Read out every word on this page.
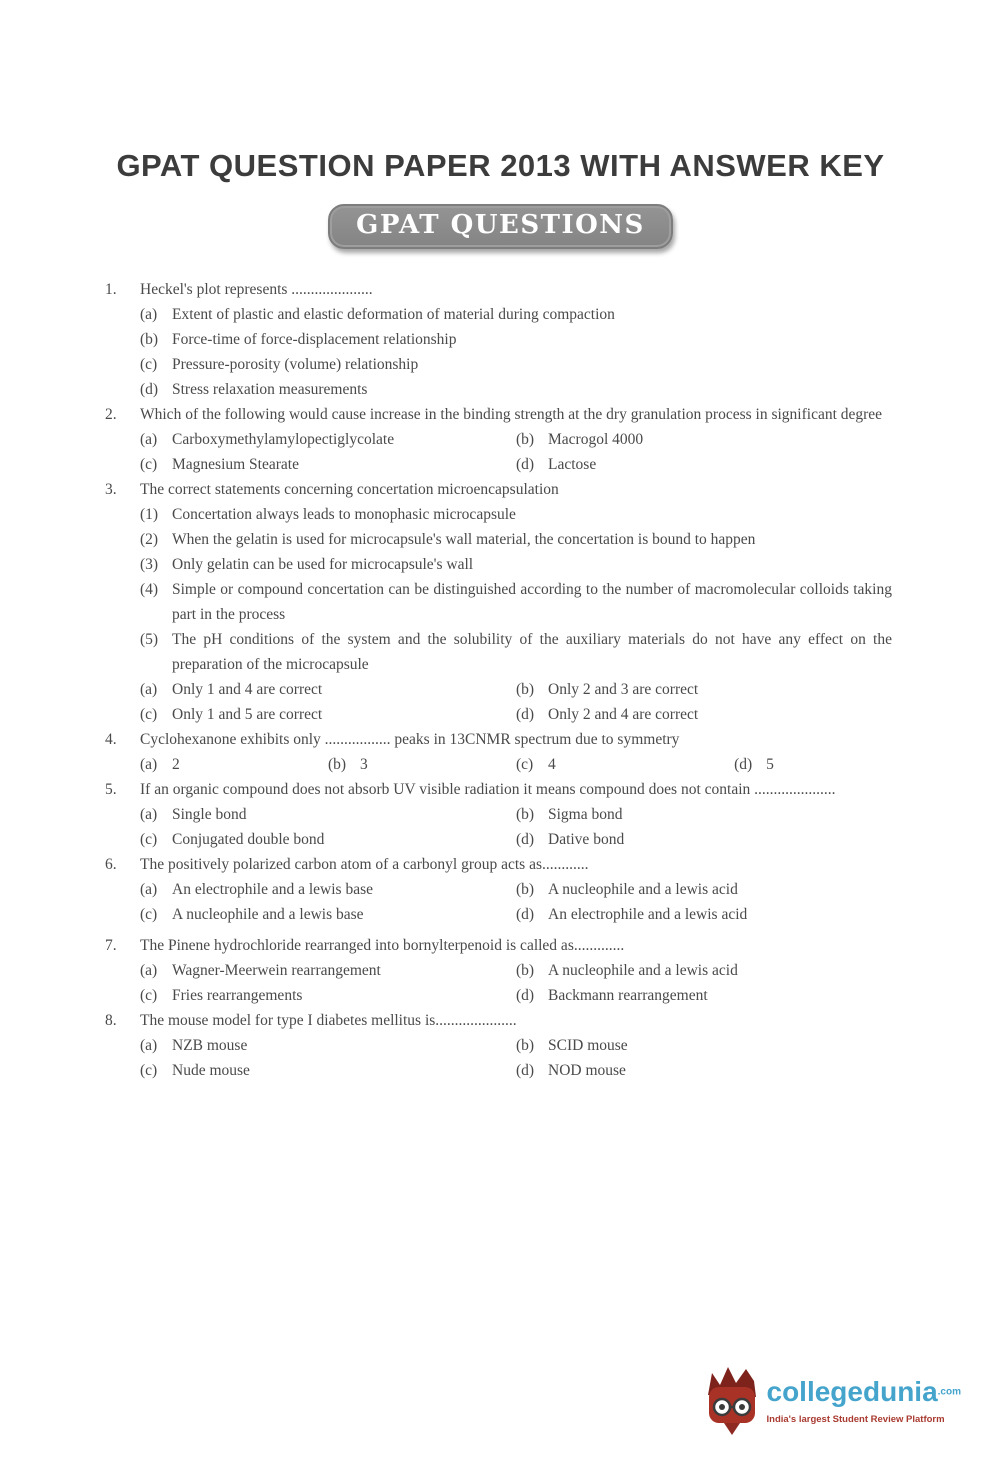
GPAT QUESTION PAPER 2013 WITH ANSWER KEY
GPAT QUESTIONS
1.	Heckel's plot represents .....................
(a) Extent of plastic and elastic deformation of material during compaction
(b) Force-time of force-displacement relationship
(c) Pressure-porosity (volume) relationship
(d) Stress relaxation measurements
2.	Which of the following would cause increase in the binding strength at the dry granulation process in significant degree
(a) Carboxymethylamylopectiglycolate	(b) Macrogol 4000
(c) Magnesium Stearate	(d) Lactose
3.	The correct statements concerning concertation microencapsulation
(1) Concertation always leads to monophasic microcapsule
(2) When the gelatin is used for microcapsule's wall material, the concertation is bound to happen
(3) Only gelatin can be used for microcapsule's wall
(4) Simple or compound concertation can be distinguished according to the number of macromolecular colloids taking part in the process
(5) The pH conditions of the system and the solubility of the auxiliary materials do not have any effect on the preparation of the microcapsule
(a) Only 1 and 4 are correct	(b) Only 2 and 3 are correct
(c) Only 1 and 5 are correct	(d) Only 2 and 4 are correct
4.	Cyclohexanone exhibits only ................. peaks in 13CNMR spectrum due to symmetry
(a) 2	(b) 3	(c) 4	(d) 5
5.	If an organic compound does not absorb UV visible radiation it means compound does not contain .....................
(a) Single bond	(b) Sigma bond
(c) Conjugated double bond	(d) Dative bond
6.	The positively polarized carbon atom of a carbonyl group acts as............
(a) An electrophile and a lewis base	(b) A nucleophile and a lewis acid
(c) A nucleophile and a lewis base	(d) An electrophile and a lewis acid
7.	The Pinene hydrochloride rearranged into bornylterpenoid is called as.............
(a) Wagner-Meerwein rearrangement	(b) A nucleophile and a lewis acid
(c) Fries rearrangements	(d) Backmann rearrangement
8.	The mouse model for type I diabetes mellitus is.....................
(a) NZB mouse	(b) SCID mouse
(c) Nude mouse	(d) NOD mouse
collegedunia$^{.com}$
India's largest Student Review Platform
